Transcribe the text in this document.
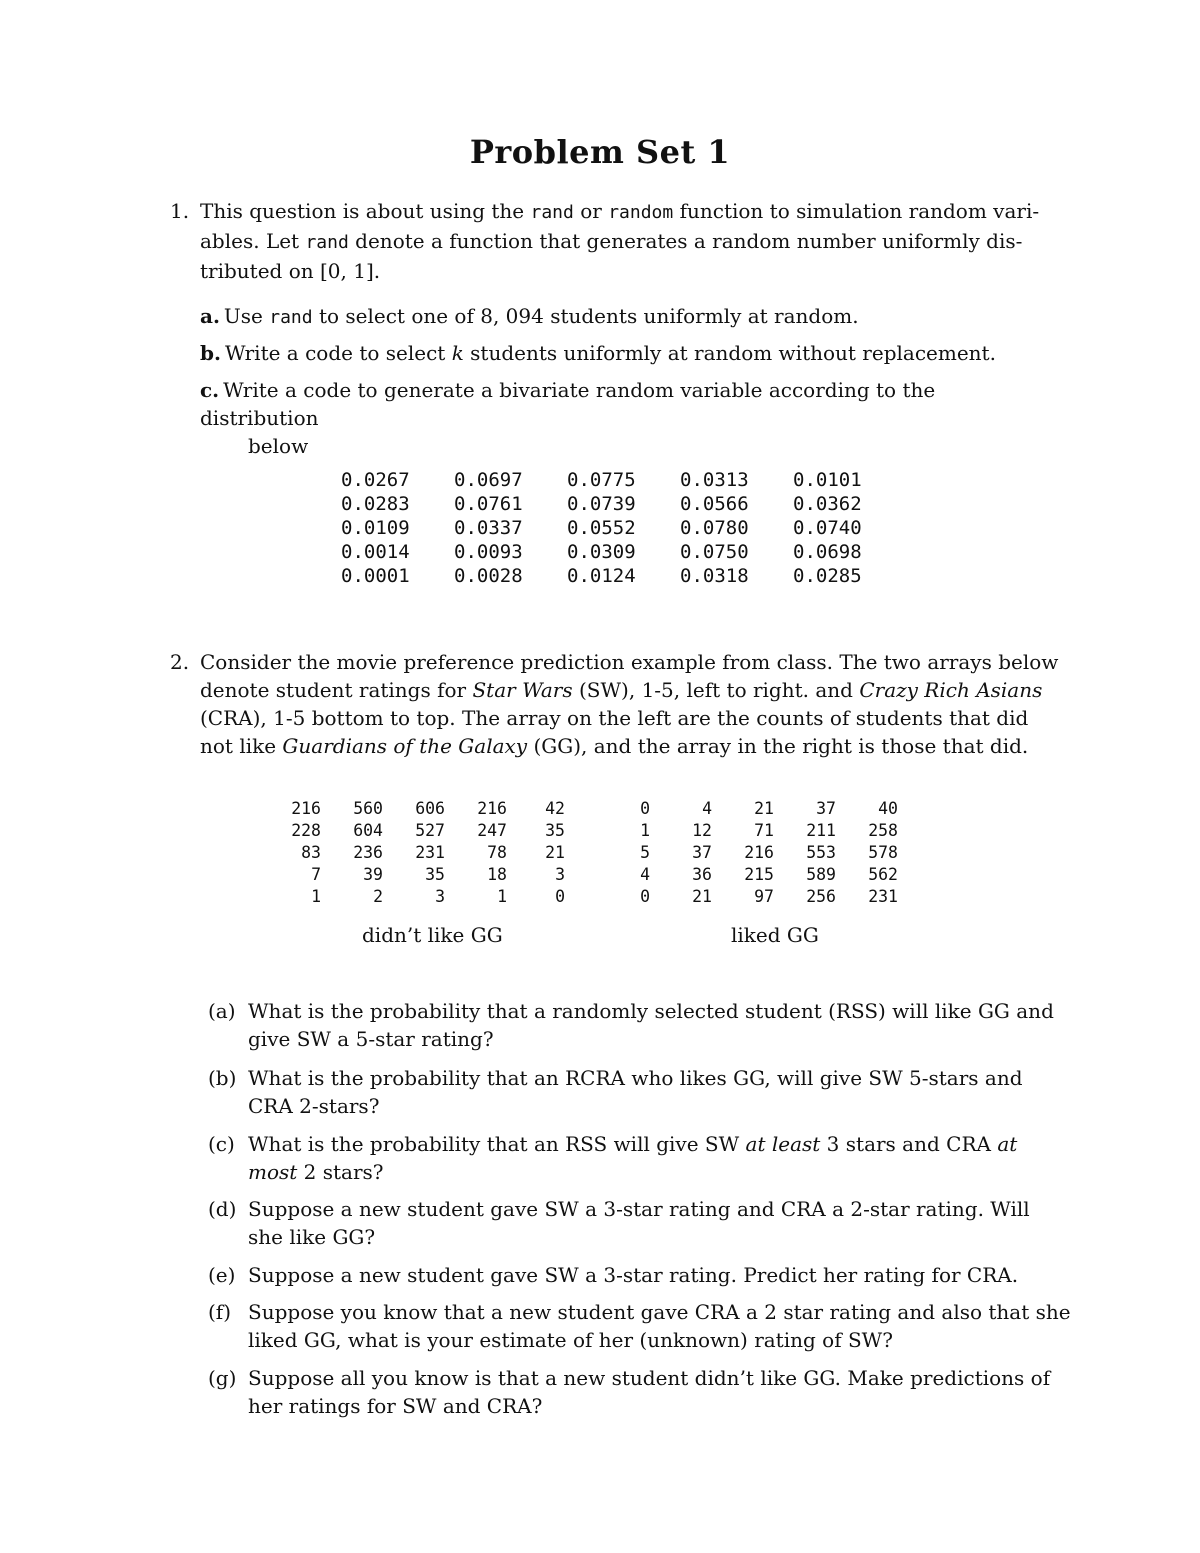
Problem Set 1
1. This question is about using the rand or random function to simulation random vari-
ables. Let rand denote a function that generates a random number uniformly dis-
tributed on [0, 1].
a. Use rand to select one of 8, 094 students uniformly at random.
b. Write a code to select k students uniformly at random without replacement.
c. Write a code to generate a bivariate random variable according to the distribution
below
0.0267	0.0697	0.0775	0.0313	0.0101
0.0283	0.0761	0.0739	0.0566	0.0362
0.0109	0.0337	0.0552	0.0780	0.0740
0.0014	0.0093	0.0309	0.0750	0.0698
0.0001	0.0028	0.0124	0.0318	0.0285
2. Consider the movie preference prediction example from class. The two arrays below
denote student ratings for Star Wars (SW), 1-5, left to right. and Crazy Rich Asians
(CRA), 1-5 bottom to top. The array on the left are the counts of students that did
not like Guardians of the Galaxy (GG), and the array in the right is those that did.
216	560	606	216	42
228	604	527	247	35
83	236	231	78	21
7	39	35	18	3
1	2	3	1	0
0	4	21	37	40
1	12	71	211	258
5	37	216	553	578
4	36	215	589	562
0	21	97	256	231
didn’t like GG	liked GG
(a) What is the probability that a randomly selected student (RSS) will like GG and
give SW a 5-star rating?
(b) What is the probability that an RCRA who likes GG, will give SW 5-stars and
CRA 2-stars?
(c) What is the probability that an RSS will give SW at least 3 stars and CRA at
most 2 stars?
(d) Suppose a new student gave SW a 3-star rating and CRA a 2-star rating. Will
she like GG?
(e) Suppose a new student gave SW a 3-star rating. Predict her rating for CRA.
(f) Suppose you know that a new student gave CRA a 2 star rating and also that she
liked GG, what is your estimate of her (unknown) rating of SW?
(g) Suppose all you know is that a new student didn’t like GG. Make predictions of
her ratings for SW and CRA?
